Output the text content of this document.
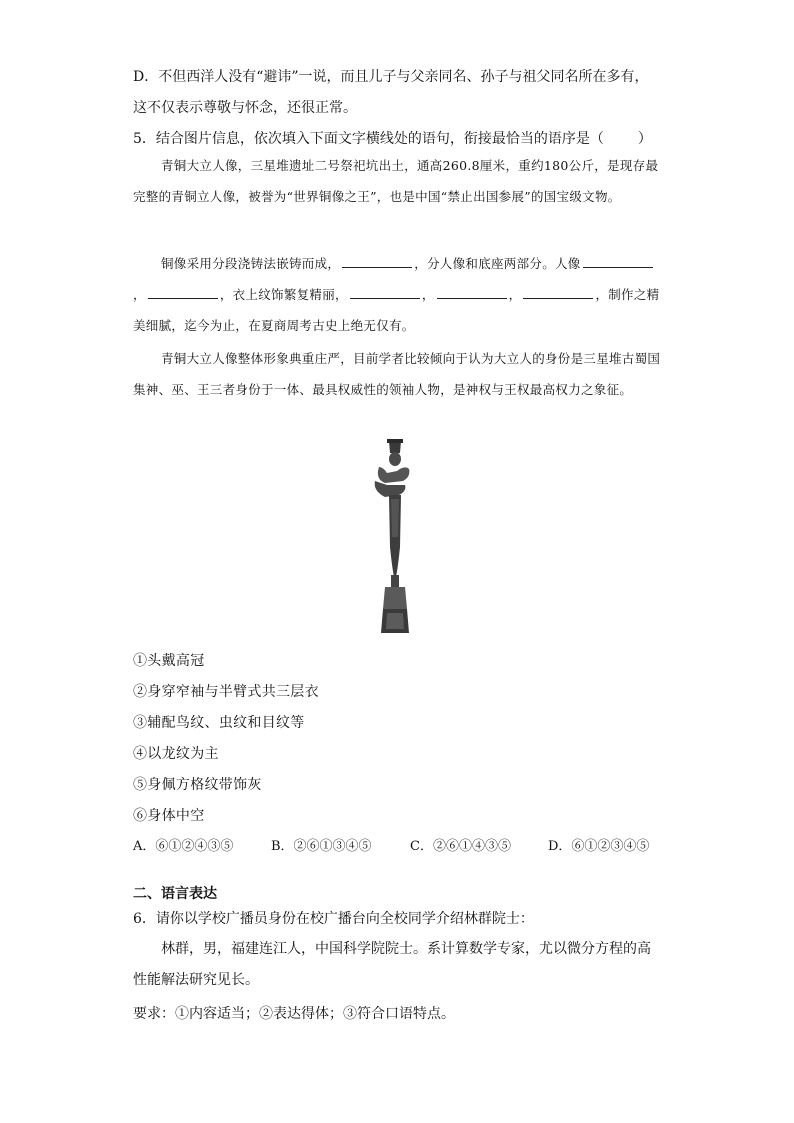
D．不但西洋人没有“避讳”一说，而且儿子与父亲同名、孙子与祖父同名所在多有，
这不仅表示尊敬与怀念，还很正常。
5．结合图片信息，依次填入下面文字横线处的语句，衔接最恰当的语序是（ ）
青铜大立人像，三星堆遗址二号祭祀坑出土，通高260.8厘米，重约180公斤，是现存最完整的青铜立人像，被誉为“世界铜像之王”，也是中国“禁止出国参展”的国宝级文物。
铜像采用分段浇铸法嵌铸而成，	，分人像和底座两部分。人像，	，衣上纹饰繁复精丽，	，	，	，制作之精美细腻，迄今为止，在夏商周考古史上绝无仅有。
青铜大立人像整体形象典重庄严，目前学者比较倾向于认为大立人的身份是三星堆古蜀国集神、巫、王三者身份于一体、最具权威性的领袖人物，是神权与王权最高权力之象征。
①头戴高冠
②身穿窄袖与半臂式共三层衣
③辅配鸟纹、虫纹和目纹等
④以龙纹为主
⑤身佩方格纹带饰灰
⑥身体中空
A．⑥①②④③⑤	B．②⑥①③④⑤	C．②⑥①④③⑤	D．⑥①②③④⑤
二、语言表达
6．请你以学校广播员身份在校广播台向全校同学介绍林群院士：
林群，男，福建连江人，中国科学院院士。系计算数学专家，尤以微分方程的高性能解法研究见长。
要求：①内容适当；②表达得体；③符合口语特点。
